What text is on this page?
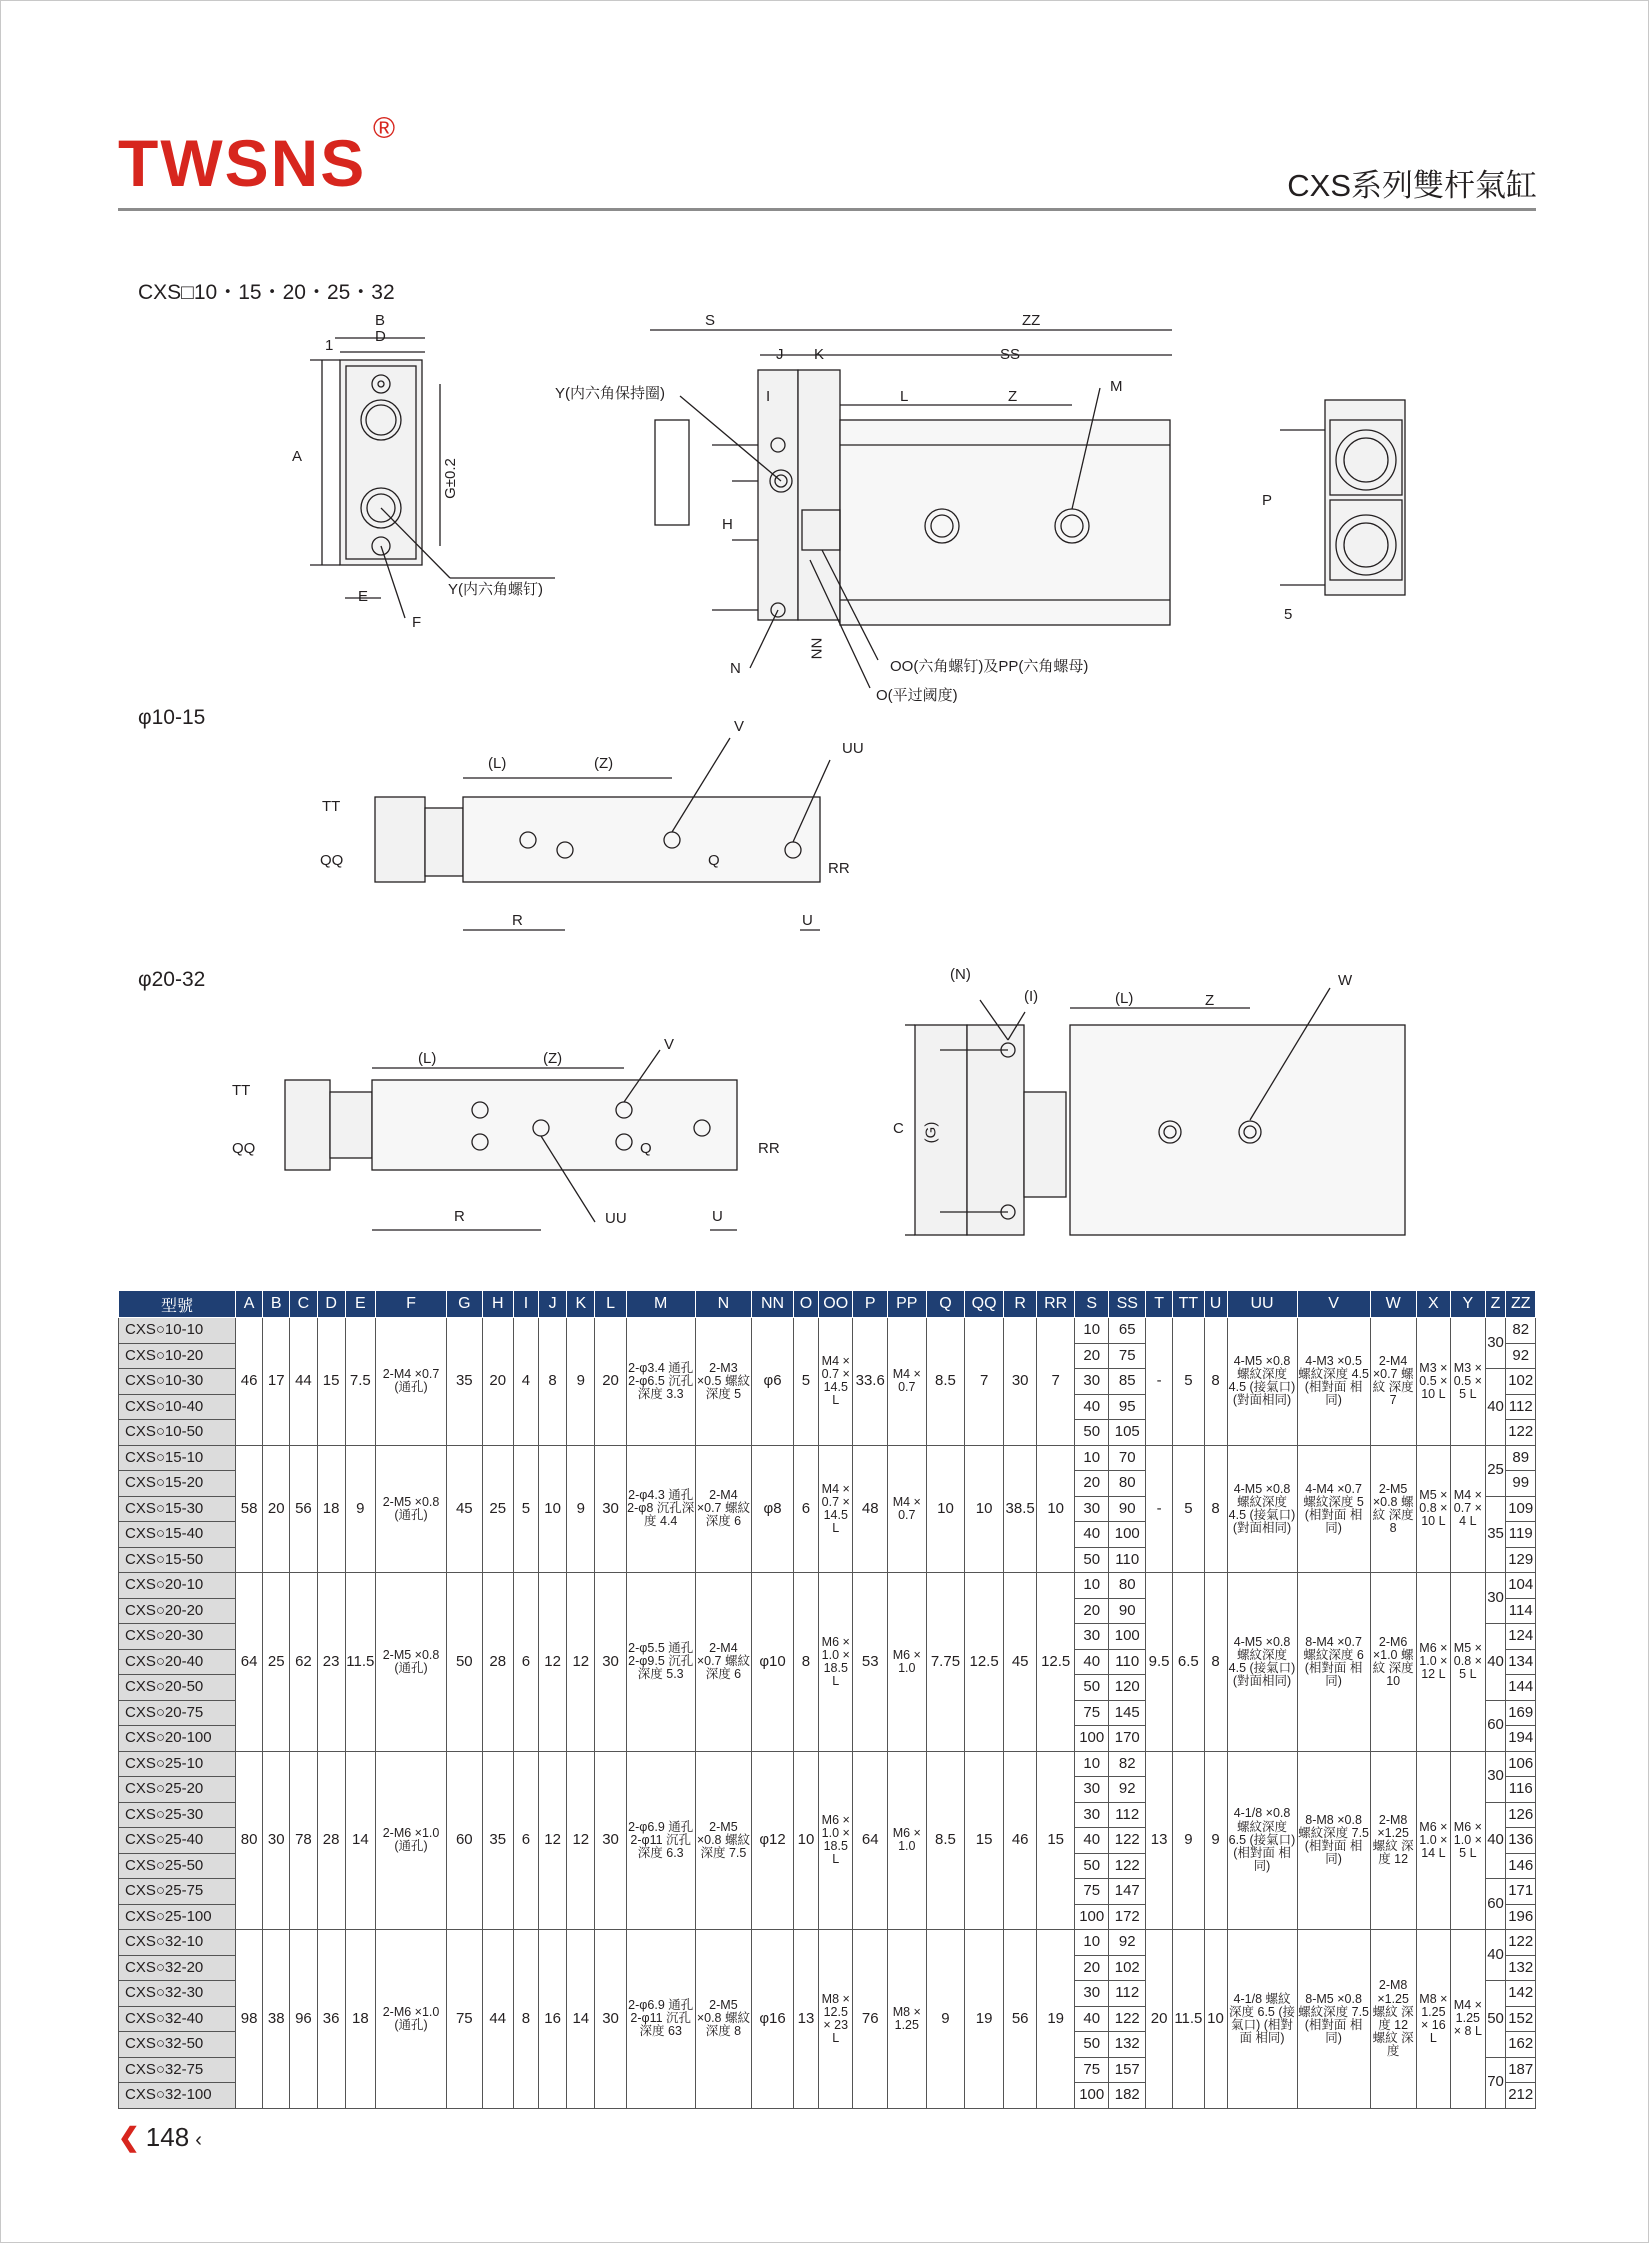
TWSNS ®
CXS系列雙杆氣缸
CXS□10・15・20・25・32
φ10-15
φ20-32
B
D
1
A
G±0.2
E
F
Y(内六角螺钉)
S	ZZ
J K	SS
Y(内六角保持圈)	I	L	Z
M
H
N
NN
OO(六角螺钉)及PP(六角螺母)
O(平过阈度)
P
5
V
UU
(L)	(Z)
TT
QQ	Q	RR
R	U
(N)
(I)	(L)	Z
W
C (G)
(L)	(Z)
V
TT
QQ	Q	RR
R	UU	U
型號	A	B	C	D	E	F	G	H	I	J	K	L	M	N	NN	O	OO	P	PP	Q	QQ	R	RR	S	SS	T	TT	U	UU	V	W	X	Y	Z	ZZ
CXS○10-10	46	17	44	15	7.5	2-M4 ×0.7 (通孔)	35	20	4	8	9	20	2-φ3.4 通孔 2-φ6.5 沉孔深度 3.3	2-M3 ×0.5 螺紋 深度 5	φ6	5	M4 × 0.7 × 14.5 L	33.6	M4 × 0.7	8.5	7	30	7	10	65	-	5	8	4-M5 ×0.8 螺紋深度 4.5 (接氣口) (對面相同)	4-M3 ×0.5 螺紋深度 4.5 (相對面 相同)	2-M4 ×0.7 螺紋 深度 7	M3 × 0.5 × 10 L	M3 × 0.5 × 5 L	30	82
CXS○10-20																								20	75										92
CXS○10-30																								30	85									40	102
CXS○10-40																								40	95										112
CXS○10-50																								50	105										122
CXS○15-10	58	20	56	18	9	2-M5 ×0.8 (通孔)	45	25	5	10	9	30	2-φ4.3 通孔 2-φ8 沉孔深度 4.4	2-M4 ×0.7 螺紋 深度 6	φ8	6	M4 × 0.7 × 14.5 L	48	M4 × 0.7	10	10	38.5	10	10	70	-	5	8	4-M5 ×0.8 螺紋深度 4.5 (接氣口) (對面相同)	4-M4 ×0.7 螺紋深度 5 (相對面 相同)	2-M5 ×0.8 螺紋 深度 8	M5 × 0.8 × 10 L	M4 × 0.7 × 4 L	25	89
CXS○15-20																								20	80										99
CXS○15-30																								30	90									35	109
CXS○15-40																								40	100										119
CXS○15-50																								50	110										129
CXS○20-10	64	25	62	23	11.5	2-M5 ×0.8 (通孔)	50	28	6	12	12	30	2-φ5.5 通孔 2-φ9.5 沉孔深度 5.3	2-M4 ×0.7 螺紋 深度 6	φ10	8	M6 × 1.0 × 18.5 L	53	M6 × 1.0	7.75	12.5	45	12.5	10	80	9.5	6.5	8	4-M5 ×0.8 螺紋深度 4.5 (接氣口) (對面相同)	8-M4 ×0.7 螺紋深度 6 (相對面 相同)	2-M6 ×1.0 螺紋 深度 10	M6 × 1.0 × 12 L	M5 × 0.8 × 5 L	30	104
CXS○20-20																								20	90										114
CXS○20-30																								30	100									40	124
CXS○20-40																								40	110										134
CXS○20-50																								50	120										144
CXS○20-75																								75	145									60	169
CXS○20-100																								100	170										194
CXS○25-10	80	30	78	28	14	2-M6 ×1.0 (通孔)	60	35	6	12	12	30	2-φ6.9 通孔 2-φ11 沉孔深度 6.3	2-M5 ×0.8 螺紋 深度 7.5	φ12	10	M6 × 1.0 × 18.5 L	64	M6 × 1.0	8.5	15	46	15	10	82	13	9	9	4-1/8 ×0.8 螺紋深度 6.5 (接氣口) (相對面 相同)	8-M8 ×0.8 螺紋深度 7.5 (相對面 相同)	2-M8 ×1.25 螺紋 深度 12	M6 × 1.0 × 14 L	M6 × 1.0 × 5 L	30	106
CXS○25-20																								30	92										116
CXS○25-30																								30	112									40	126
CXS○25-40																								40	122										136
CXS○25-50																								50	122										146
CXS○25-75																								75	147									60	171
CXS○25-100																								100	172										196
CXS○32-10	98	38	96	36	18	2-M6 ×1.0 (通孔)	75	44	8	16	14	30	2-φ6.9 通孔 2-φ11 沉孔深度 63	2-M5 ×0.8 螺紋 深度 8	φ16	13	M8 × 12.5 × 23 L	76	M8 × 1.25	9	19	56	19	10	92	20	11.5	10	4-1/8 螺紋深度 6.5 (接氣口) (相對面 相同)	8-M5 ×0.8 螺紋深度 7.5 (相對面 相同)	2-M8 ×1.25 螺紋 深度 12 螺紋 深度	M8 × 1.25 × 16 L	M4 × 1.25 × 8 L	40	122
CXS○32-20																								20	102										132
CXS○32-30																								30	112									50	142
CXS○32-40																								40	122										152
CXS○32-50																								50	132										162
CXS○32-75																								75	157									70	187
CXS○32-100																								100	182										212
❮ 148 ‹
